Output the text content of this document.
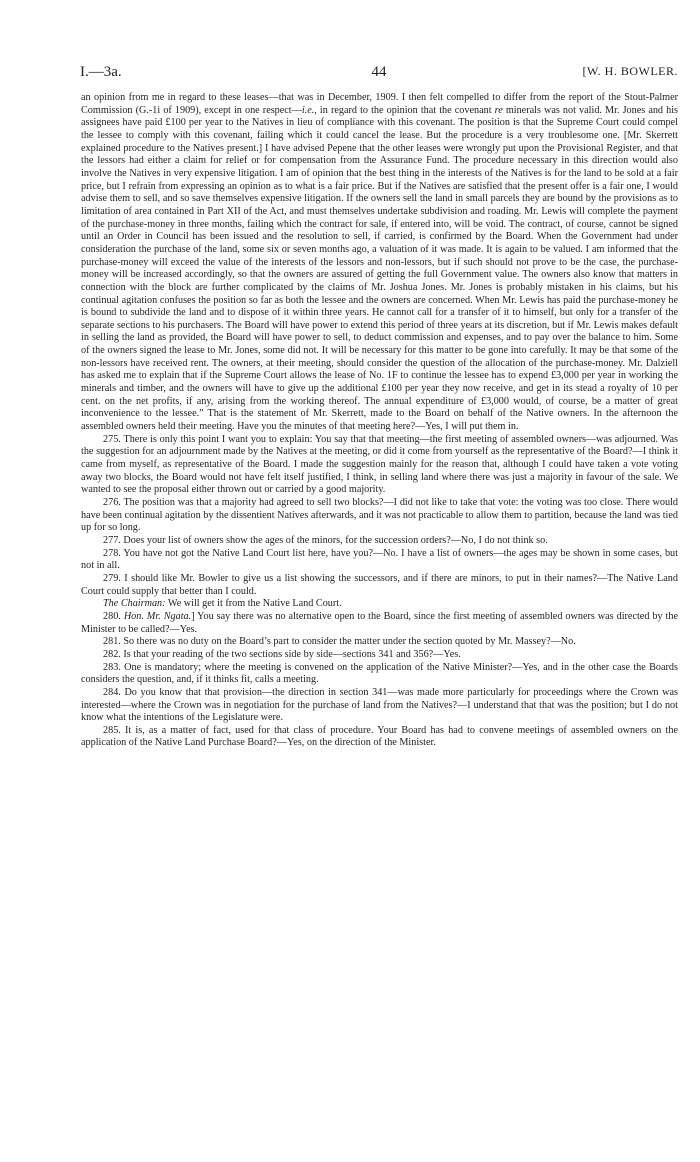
I.—3a.	44	[W. H. BOWLER.

an opinion from me in regard to these leases—that was in December, 1909. I then felt compelled to differ from the report of the Stout-Palmer Commission (G.-1i of 1909), except in one respect—i.e., in regard to the opinion that the covenant re minerals was not valid. Mr. Jones and his assignees have paid £100 per year to the Natives in lieu of compliance with this covenant. The position is that the Supreme Court could compel the lessee to comply with this covenant, failing which it could cancel the lease. But the procedure is a very troublesome one. [Mr. Skerrett explained procedure to the Natives present.] I have advised Pepene that the other leases were wrongly put upon the Provisional Register, and that the lessors had either a claim for relief or for compensation from the Assurance Fund. The procedure necessary in this direction would also involve the Natives in very expensive litigation. I am of opinion that the best thing in the interests of the Natives is for the land to be sold at a fair price, but I refrain from expressing an opinion as to what is a fair price. But if the Natives are satisfied that the present offer is a fair one, I would advise them to sell, and so save themselves expensive litigation. If the owners sell the land in small parcels they are bound by the provisions as to limitation of area contained in Part XII of the Act, and must themselves undertake subdivision and roading. Mr. Lewis will complete the payment of the purchase-money in three months, failing which the contract for sale, if entered into, will be void. The contract, of course, cannot be signed until an Order in Council has been issued and the resolution to sell, if carried, is confirmed by the Board. When the Government had under consideration the purchase of the land, some six or seven months ago, a valuation of it was made. It is again to be valued. I am informed that the purchase-money will exceed the value of the interests of the lessors and non-lessors, but if such should not prove to be the case, the purchase-money will be increased accordingly, so that the owners are assured of getting the full Government value. The owners also know that matters in connection with the block are further complicated by the claims of Mr. Joshua Jones. Mr. Jones is probably mistaken in his claims, but his continual agitation confuses the position so far as both the lessee and the owners are concerned. When Mr. Lewis has paid the purchase-money he is bound to subdivide the land and to dispose of it within three years. He cannot call for a transfer of it to himself, but only for a transfer of the separate sections to his purchasers. The Board will have power to extend this period of three years at its discretion, but if Mr. Lewis makes default in selling the land as provided, the Board will have power to sell, to deduct commission and expenses, and to pay over the balance to him. Some of the owners signed the lease to Mr. Jones, some did not. It will be necessary for this matter to be gone into carefully. It may be that some of the non-lessors have received rent. The owners, at their meeting, should consider the question of the allocation of the purchase-money. Mr. Dalziell has asked me to explain that if the Supreme Court allows the lease of No. 1F to continue the lessee has to expend £3,000 per year in working the minerals and timber, and the owners will have to give up the additional £100 per year they now receive, and get in its stead a royalty of 10 per cent. on the net profits, if any, arising from the working thereof. The annual expenditure of £3,000 would, of course, be a matter of great inconvenience to the lessee.” That is the statement of Mr. Skerrett, made to the Board on behalf of the Native owners. In the afternoon the assembled owners held their meeting. Have you the minutes of that meeting here?—Yes, I will put them in.

275. There is only this point I want you to explain: You say that that meeting—the first meeting of assembled owners—was adjourned. Was the suggestion for an adjournment made by the Natives at the meeting, or did it come from yourself as the representative of the Board?—I think it came from myself, as representative of the Board. I made the suggestion mainly for the reason that, although I could have taken a vote voting away two blocks, the Board would not have felt itself justified, I think, in selling land where there was just a majority in favour of the sale. We wanted to see the proposal either thrown out or carried by a good majority.

276. The position was that a majority had agreed to sell two blocks?—I did not like to take that vote: the voting was too close. There would have been continual agitation by the dissentient Natives afterwards, and it was not practicable to allow them to partition, because the land was tied up for so long.

277. Does your list of owners show the ages of the minors, for the succession orders?—No, I do not think so.

278. You have not got the Native Land Court list here, have you?—No. I have a list of owners—the ages may be shown in some cases, but not in all.

279. I should like Mr. Bowler to give us a list showing the successors, and if there are minors, to put in their names?—The Native Land Court could supply that better than I could.

The Chairman: We will get it from the Native Land Court.

280. Hon. Mr. Ngata.] You say there was no alternative open to the Board, since the first meeting of assembled owners was directed by the Minister to be called?—Yes.

281. So there was no duty on the Board’s part to consider the matter under the section quoted by Mr. Massey?—No.

282. Is that your reading of the two sections side by side—sections 341 and 356?—Yes.

283. One is mandatory; where the meeting is convened on the application of the Native Minister?—Yes, and in the other case the Boards considers the question, and, if it thinks fit, calls a meeting.

284. Do you know that that provision—the direction in section 341—was made more particularly for proceedings where the Crown was interested—where the Crown was in negotiation for the purchase of land from the Natives?—I understand that that was the position; but I do not know what the intentions of the Legislature were.

285. It is, as a matter of fact, used for that class of procedure. Your Board has had to convene meetings of assembled owners on the application of the Native Land Purchase Board?—Yes, on the direction of the Minister.
